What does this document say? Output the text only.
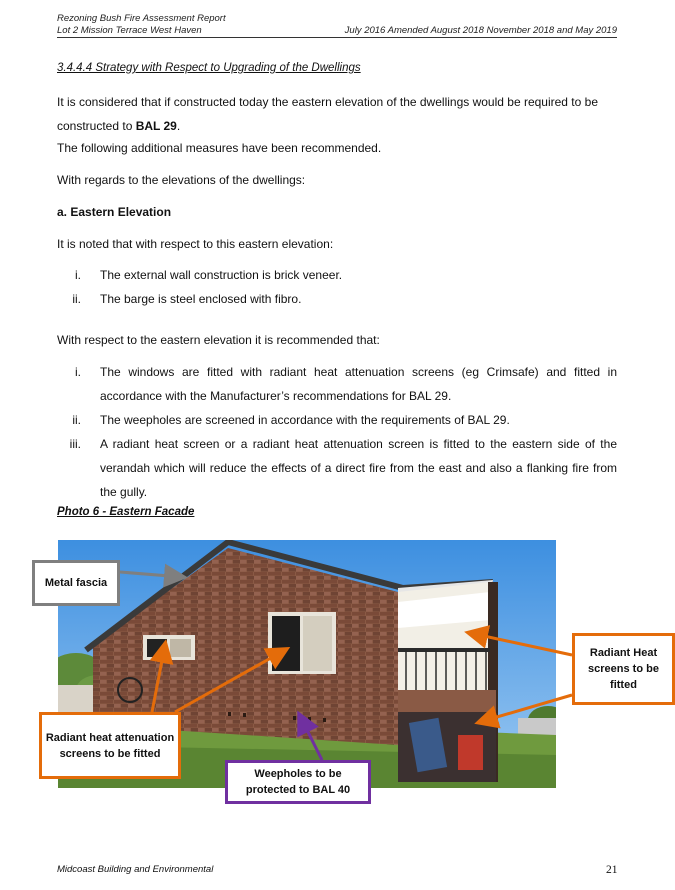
Rezoning Bush Fire Assessment Report
Lot 2 Mission Terrace West Haven	July 2016 Amended August 2018 November 2018 and May 2019
3.4.4.4 Strategy with Respect to Upgrading of the Dwellings
It is considered that if constructed today the eastern elevation of the dwellings would be required to be constructed to BAL 29.
The following additional measures have been recommended.
With regards to the elevations of the dwellings:
a. Eastern Elevation
It is noted that with respect to this eastern elevation:
i. The external wall construction is brick veneer.
ii. The barge is steel enclosed with fibro.
With respect to the eastern elevation it is recommended that:
i. The windows are fitted with radiant heat attenuation screens (eg Crimsafe) and fitted in accordance with the Manufacturer’s recommendations for BAL 29.
ii. The weepholes are screened in accordance with the requirements of BAL 29.
iii. A radiant heat screen or a radiant heat attenuation screen is fitted to the eastern side of the verandah which will reduce the effects of a direct fire from the east and also a flanking fire from the gully.
Photo 6 - Eastern Facade
Metal fascia
Radiant Heat screens to be fitted
Radiant heat attenuation screens to be fitted
Weepholes to be protected to BAL 40
Midcoast Building and Environmental	21
